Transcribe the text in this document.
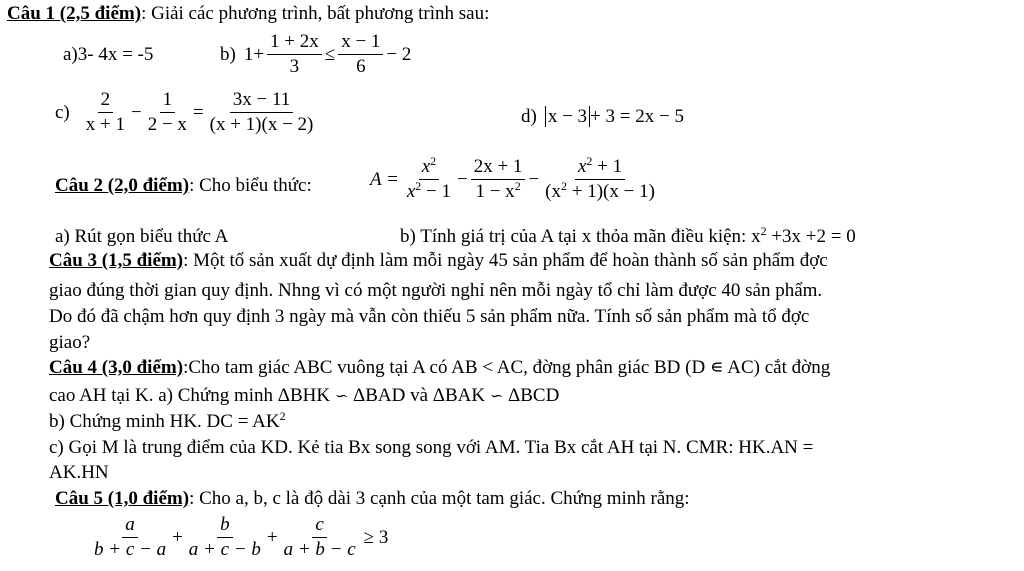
Câu 1 (2,5 điểm): Giải các phương trình, bất phương trình sau:
a)3- 4x = -5	b) $1+ \frac{1 + 2x}{3} \le \frac{x - 1}{6} - 2$
$c) \frac{2}{x + 1} - \frac{1}{2 - x} = \frac{3x - 11}{(x + 1)(x - 2)}$	d) x − 3 + 3 = 2x − 5
Câu 2 (2,0 điểm): Cho biểu thức:	$A = \frac{x^2}{x^2 - 1} - \frac{2x + 1}{1 - x^2} - \frac{x^2 + 1}{(x^2 + 1)(x - 1)}$
a) Rút gọn biểu thức A	b) Tính giá trị của A tại x thỏa mãn điều kiện: $x^2 +3x +2 = 0$
Câu 3 (1,5 điểm): Một tổ sản xuất dự định làm mỗi ngày 45 sản phẩm để hoàn thành số sản phẩm đợc
giao đúng thời gian quy định. Nhng vì có một người nghỉ nên mỗi ngày tổ chỉ làm được 40 sản phẩm.
Do đó đã chậm hơn quy định 3 ngày mà vẫn còn thiếu 5 sản phẩm nữa. Tính số sản phẩm mà tổ đợc
giao?
Câu 4 (3,0 điểm):Cho tam giác ABC vuông tại A có AB < AC, đờng phân giác BD (D ∊ AC) cắt đờng
cao AH tại K. a) Chứng minh ΔBHK ∽ ΔBAD và ΔBAK ∽ ΔBCD
b) Chứng minh HK. DC = $AK^2$
c) Gọi M là trung điểm của KD. Kẻ tia Bx song song với AM. Tia Bx cắt AH tại N. CMR: HK.AN =
AK.HN
Câu 5 (1,0 điểm): Cho a, b, c là độ dài 3 cạnh của một tam giác. Chứng minh rằng:
$\frac{a}{b + c - a} + \frac{b}{a + c - b} + \frac{c}{a + b - c} \ge 3$
